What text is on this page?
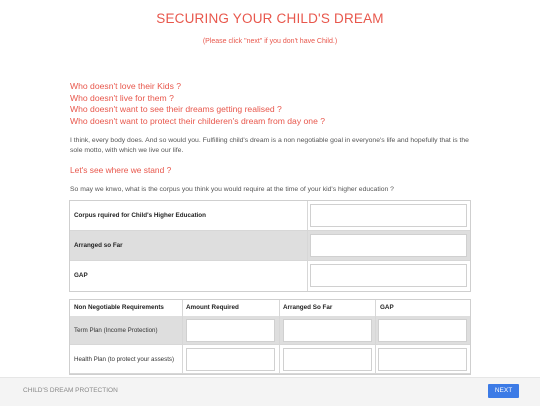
SECURING YOUR CHILD'S DREAM
(Please click "next" if you don't have Child.)
Who doesn't love their Kids ?
Who doesn't live for them ?
Who doesn't want to see their dreams getting realised ?
Who doesn't want to protect their childeren's dream from day one ?
I think, every body does. And so would you. Fulfilling child's dream is a non negotiable goal in everyone's life and hopefully that is the sole motto, with which we live our life.
Let's see where we stand ?
So may we knwo, what is the corpus you think you would require at the time of your kid's higher education ?
Corpus rquired for Child's Higher Education
Arranged so Far
GAP
Non Negotiable Requirements	Amount Required	Arranged So Far	GAP
Term Plan (Income Protection)
Health Plan (to protect your assests)
CHILD'S DREAM PROTECTION	NEXT
